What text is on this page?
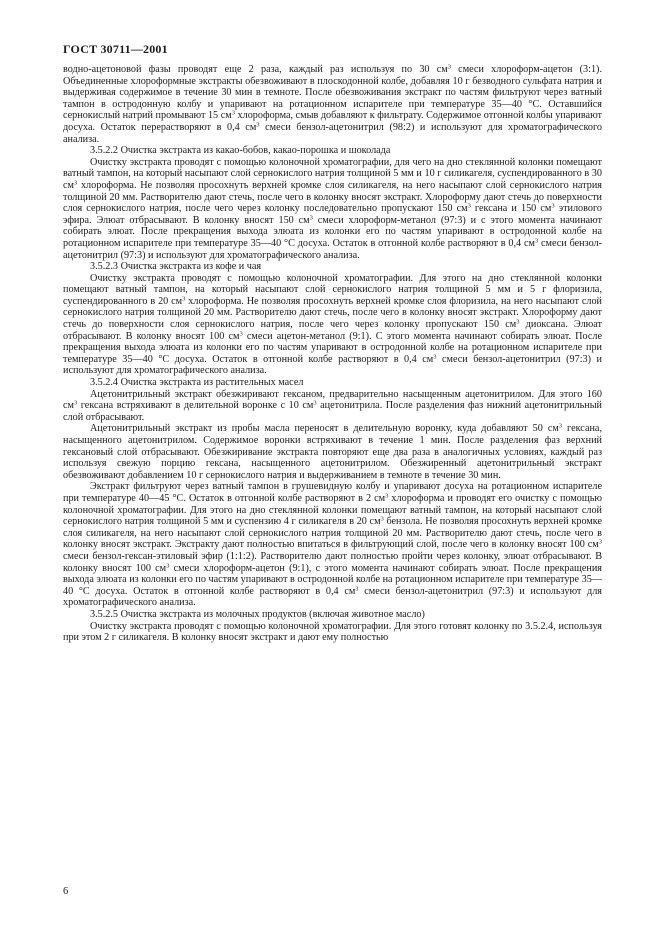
ГОСТ 30711—2001

водно-ацетоновой фазы проводят еще 2 раза, каждый раз используя по 30 $см^3$ смеси хлороформ-ацетон (3:1). Объединенные хлороформные экстракты обезвоживают в плоскодонной колбе, добавляя 10 г безводного сульфата натрия и выдерживая содержимое в течение 30 мин в темноте. После обезвоживания экстракт по частям фильтруют через ватный тампон в остродонную колбу и упаривают на ротационном испарителе при температуре 35—40 °С. Оставшийся сернокислый натрий промывают 15 $см^3$ хлороформа, смыв добавляют к фильтрату. Содержимое отгонной колбы упаривают досуха. Остаток перерастворяют в 0,4 $см^3$ смеси бензол-ацетонитрил (98:2) и используют для хроматографического анализа.

3.5.2.2 Очистка экстракта из какао-бобов, какао-порошка и шоколада

Очистку экстракта проводят с помощью колоночной хроматографии, для чего на дно стеклянной колонки помещают ватный тампон, на который насыпают слой сернокислого натрия толщиной 5 мм и 10 г силикагеля, суспендированного в 30 $см^3$ хлороформа. Не позволяя просохнуть верхней кромке слоя силикагеля, на него насыпают слой сернокислого натрия толщиной 20 мм. Растворителю дают стечь, после чего в колонку вносят экстракт. Хлороформу дают стечь до поверхности слоя сернокислого натрия, после чего через колонку последовательно пропускают 150 $см^3$ гексана и 150 $см^3$ этилового эфира. Элюат отбрасывают. В колонку вносят 150 $см^3$ смеси хлороформ-метанол (97:3) и с этого момента начинают собирать элюат. После прекращения выхода элюата из колонки его по частям упаривают в остродонной колбе на ротационном испарителе при температуре 35—40 °С досуха. Остаток в отгонной колбе растворяют в 0,4 $см^3$ смеси бензол-ацетонитрил (97:3) и используют для хроматографического анализа.

3.5.2.3 Очистка экстракта из кофе и чая

Очистку экстракта проводят с помощью колоночной хроматографии. Для этого на дно стеклянной колонки помещают ватный тампон, на который насыпают слой сернокислого натрия толщиной 5 мм и 5 г флоризила, суспендированного в 20 $см^3$ хлороформа. Не позволяя просохнуть верхней кромке слоя флоризила, на него насыпают слой сернокислого натрия толщиной 20 мм. Растворителю дают стечь, после чего в колонку вносят экстракт. Хлороформу дают стечь до поверхности слоя сернокислого натрия, после чего через колонку пропускают 150 $см^3$ диоксана. Элюат отбрасывают. В колонку вносят 100 $см^3$ смеси ацетон-метанол (9:1). С этого момента начинают собирать элюат. После прекращения выхода элюата из колонки его по частям упаривают в остродонной колбе на ротационном испарителе при температуре 35—40 °С досуха. Остаток в отгонной колбе растворяют в 0,4 $см^3$ смеси бензол-ацетонитрил (97:3) и используют для хроматографического анализа.

3.5.2.4 Очистка экстракта из растительных масел

Ацетонитрильный экстракт обезжиривают гексаном, предварительно насыщенным ацетонитрилом. Для этого 160 $см^3$ гексана встряхивают в делительной воронке с 10 $см^3$ ацетонитрила. После разделения фаз нижний ацетонитрильный слой отбрасывают.

Ацетонитрильный экстракт из пробы масла переносят в делительную воронку, куда добавляют 50 $см^3$ гексана, насыщенного ацетонитрилом. Содержимое воронки встряхивают в течение 1 мин. После разделения фаз верхний гексановый слой отбрасывают. Обезжиривание экстракта повторяют еще два раза в аналогичных условиях, каждый раз используя свежую порцию гексана, насыщенного ацетонитрилом. Обезжиренный ацетонитрильный экстракт обезвоживают добавлением 10 г сернокислого натрия и выдерживанием в темноте в течение 30 мин.

Экстракт фильтруют через ватный тампон в грушевидную колбу и упаривают досуха на ротационном испарителе при температуре 40—45 °С. Остаток в отгонной колбе растворяют в 2 $см^3$ хлороформа и проводят его очистку с помощью колоночной хроматографии. Для этого на дно стеклянной колонки помещают ватный тампон, на который насыпают слой сернокислого натрия толщиной 5 мм и суспензию 4 г силикагеля в 20 $см^3$ бензола. Не позволяя просохнуть верхней кромке слоя силикагеля, на него насыпают слой сернокислого натрия толщиной 20 мм. Растворителю дают стечь, после чего в колонку вносят экстракт. Экстракту дают полностью впитаться в фильтрующий слой, после чего в колонку вносят 100 $см^3$ смеси бензол-гексан-этиловый эфир (1:1:2). Растворителю дают полностью пройти через колонку, элюат отбрасывают. В колонку вносят 100 $см^3$ смеси хлороформ-ацетон (9:1), с этого момента начинают собирать элюат. После прекращения выхода элюата из колонки его по частям упаривают в остродонной колбе на ротационном испарителе при температуре 35—40 °С досуха. Остаток в отгонной колбе растворяют в 0,4 $см^3$ смеси бензол-ацетонитрил (97:3) и используют для хроматографического анализа.

3.5.2.5 Очистка экстракта из молочных продуктов (включая животное масло)

Очистку экстракта проводят с помощью колоночной хроматографии. Для этого готовят колонку по 3.5.2.4, используя при этом 2 г силикагеля. В колонку вносят экстракт и дают ему полностью

6
